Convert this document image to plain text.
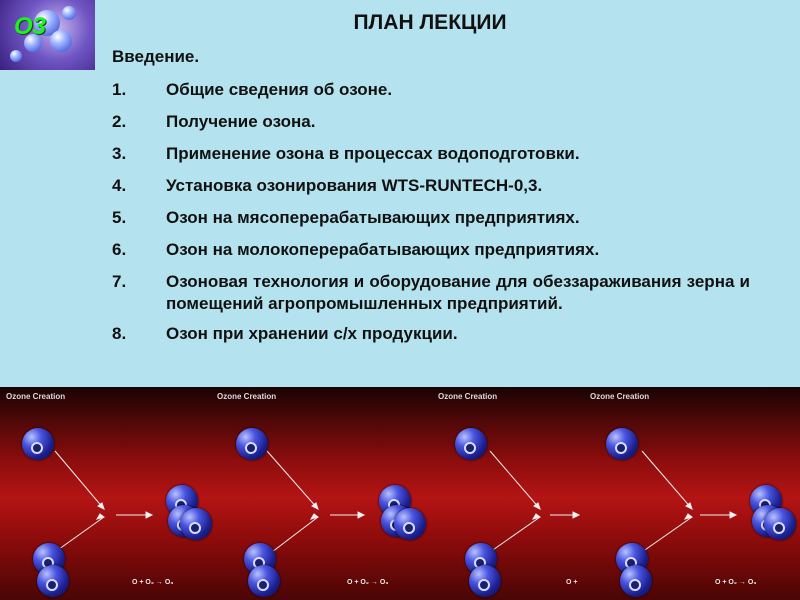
O3	ПЛАН ЛЕКЦИИ
Введение.
1.	Общие сведения об озоне.
2.	Получение озона.
3.	Применение озона в процессах водоподготовки.
4.	Установка озонирования WTS-RUNTECH-0,3.
5.	Озон на мясоперерабатывающих предприятиях.
6.	Озон на молокоперерабатывающих предприятиях.
7.	Озоновая технология и оборудование для обеззараживания зерна и помещений агропромышленных предприятий.
8.	Озон при хранении с/х продукции.
Ozone Creation
O + O₂ → O₃
Ozone Creation
O + O₂ → O₃
Ozone Creation
O +
Ozone Creation
O + O₂ → O₃
